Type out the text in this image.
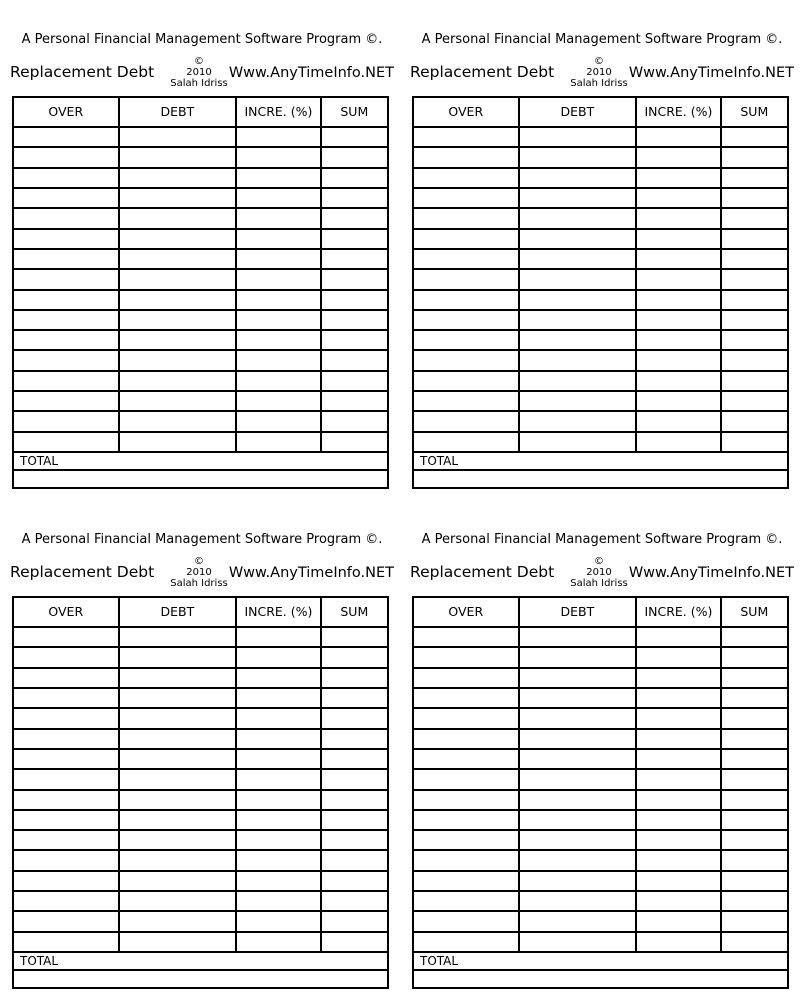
A Personal Financial Management Software Program ©.
Replacement Debt
©
2010
Salah Idriss
Www.AnyTimeInfo.NET
OVER	DEBT	INCRE. (%)	SUM

TOTAL			

A Personal Financial Management Software Program ©.
Replacement Debt
©
2010
Salah Idriss
Www.AnyTimeInfo.NET
OVER	DEBT	INCRE. (%)	SUM

TOTAL			

A Personal Financial Management Software Program ©.
Replacement Debt
©
2010
Salah Idriss
Www.AnyTimeInfo.NET
OVER	DEBT	INCRE. (%)	SUM

TOTAL			

A Personal Financial Management Software Program ©.
Replacement Debt
©
2010
Salah Idriss
Www.AnyTimeInfo.NET
OVER	DEBT	INCRE. (%)	SUM

TOTAL			
